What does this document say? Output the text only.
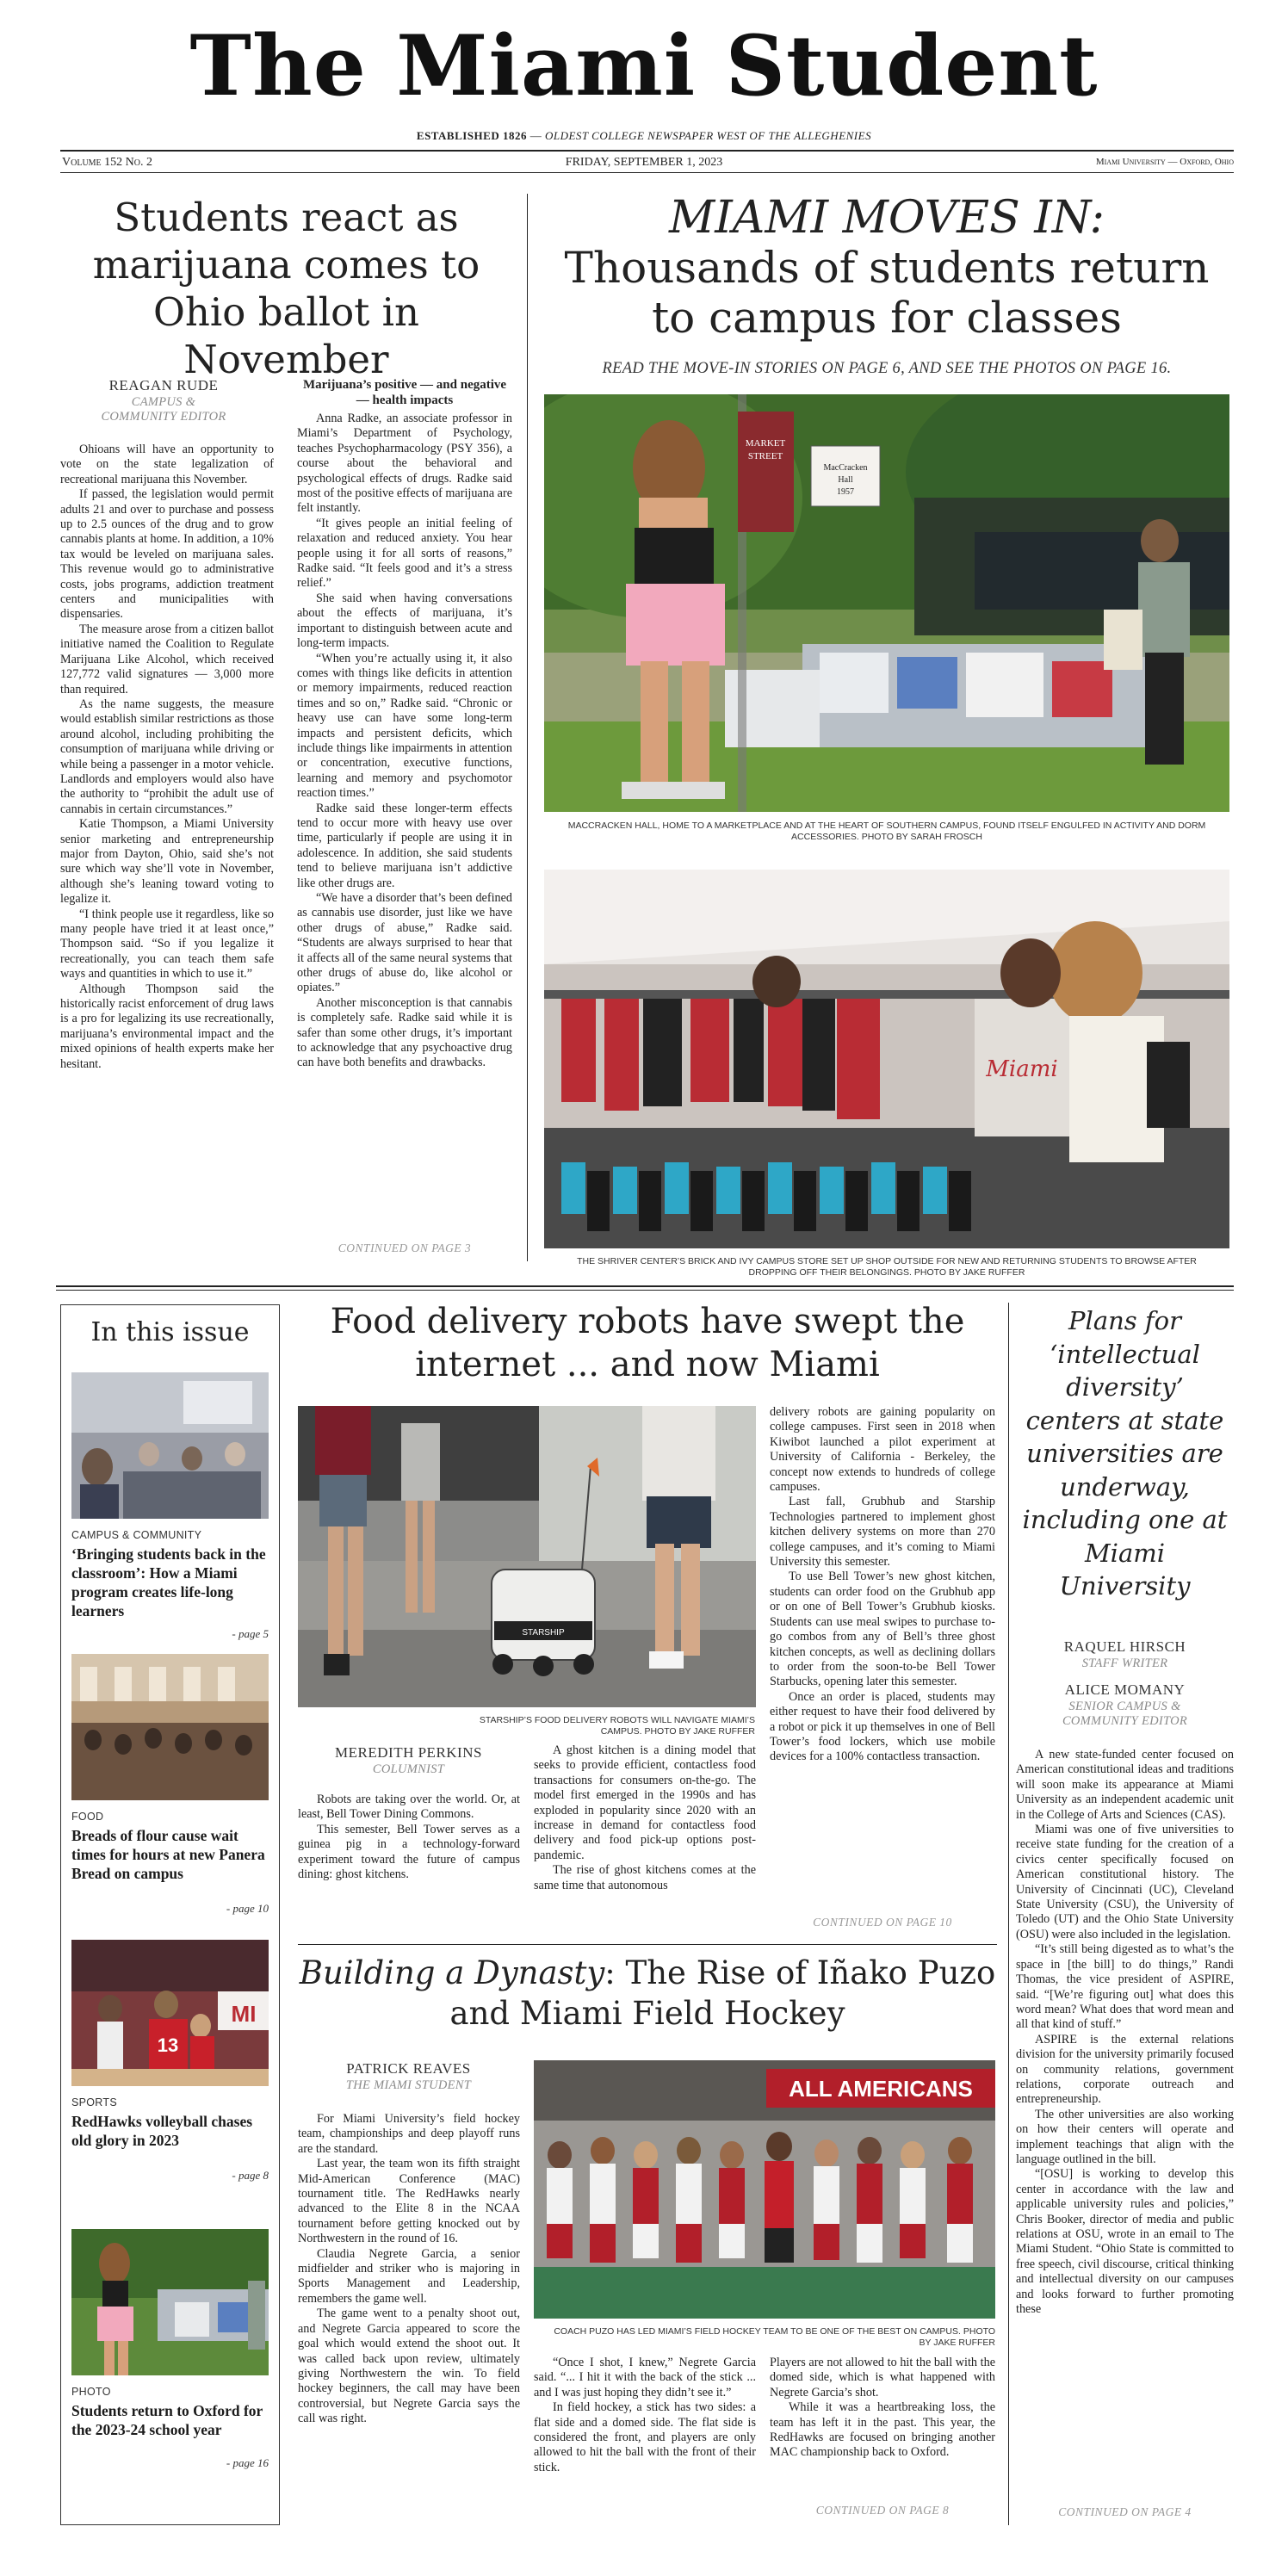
The Miami Student
ESTABLISHED 1826 — OLDEST COLLEGE NEWSPAPER WEST OF THE ALLEGHENIES
Volume 152 No. 2	FRIDAY, SEPTEMBER 1, 2023	Miami University — Oxford, Ohio
Students react as marijuana comes to Ohio ballot in November
REAGAN RUDE
CAMPUS & COMMUNITY EDITOR

Ohioans will have an opportunity to vote on the state legalization of recreational marijuana this November.

If passed, the legislation would permit adults 21 and over to purchase and possess up to 2.5 ounces of the drug and to grow cannabis plants at home. In addition, a 10% tax would be leveled on marijuana sales. This revenue would go to administrative costs, jobs programs, addiction treatment centers and municipalities with dispensaries.

The measure arose from a citizen ballot initiative named the Coalition to Regulate Marijuana Like Alcohol, which received 127,772 valid signatures — 3,000 more than required.

As the name suggests, the measure would establish similar restrictions as those around alcohol, including prohibiting the consumption of marijuana while driving or while being a passenger in a motor vehicle. Landlords and employers would also have the authority to “prohibit the adult use of cannabis in certain circumstances.”

Katie Thompson, a Miami University senior marketing and entrepreneurship major from Dayton, Ohio, said she’s not sure which way she’ll vote in November, although she’s leaning toward voting to legalize it.

“I think people use it regardless, like so many people have tried it at least once,” Thompson said. “So if you legalize it recreationally, you can teach them safe ways and quantities in which to use it.”

Although Thompson said the historically racist enforcement of drug laws is a pro for legalizing its use recreationally, marijuana’s environmental impact and the mixed opinions of health experts make her hesitant.

Marijuana’s positive — and negative — health impacts

Anna Radke, an associate professor in Miami’s Department of Psychology, teaches Psychopharmacology (PSY 356), a course about the behavioral and psychological effects of drugs. Radke said most of the positive effects of marijuana are felt instantly.

“It gives people an initial feeling of relaxation and reduced anxiety. You hear people using it for all sorts of reasons,” Radke said. “It feels good and it’s a stress relief.”

She said when having conversations about the effects of marijuana, it’s important to distinguish between acute and long-term impacts.

“When you’re actually using it, it also comes with things like deficits in attention or memory impairments, reduced reaction times and so on,” Radke said. “Chronic or heavy use can have some long-term impacts and persistent deficits, which include things like impairments in attention or concentration, executive functions, learning and memory and psychomotor reaction times.”

Radke said these longer-term effects tend to occur more with heavy use over time, particularly if people are using it in adolescence. In addition, she said students tend to believe marijuana isn’t addictive like other drugs are.

“We have a disorder that’s been defined as cannabis use disorder, just like we have other drugs of abuse,” Radke said. “Students are always surprised to hear that it affects all of the same neural systems that other drugs of abuse do, like alcohol or opiates.”

Another misconception is that cannabis is completely safe. Radke said while it is safer than some other drugs, it’s important to acknowledge that any psychoactive drug can have both benefits and drawbacks.

CONTINUED ON PAGE 3
MIAMI MOVES IN:
Thousands of students return to campus for classes
READ THE MOVE-IN STORIES ON PAGE 6, AND SEE THE PHOTOS ON PAGE 16.
MARKET
STREET
MacCracken
Hall
1957
MACCRACKEN HALL, HOME TO A MARKETPLACE AND AT THE HEART OF SOUTHERN CAMPUS, FOUND ITSELF ENGULFED IN ACTIVITY AND DORM ACCESSORIES. PHOTO BY SARAH FROSCH
Miami
THE SHRIVER CENTER’S BRICK AND IVY CAMPUS STORE SET UP SHOP OUTSIDE FOR NEW AND RETURNING STUDENTS TO BROWSE AFTER DROPPING OFF THEIR BELONGINGS. PHOTO BY JAKE RUFFER
In this issue
CAMPUS & COMMUNITY
‘Bringing students back in the classroom’: How a Miami program creates life-long learners
- page 5
FOOD
Breads of flour cause wait times for hours at new Panera Bread on campus
- page 10
MI
13
SPORTS
RedHawks volleyball chases old glory in 2023
- page 8
PHOTO
Students return to Oxford for the 2023-24 school year
- page 16
Food delivery robots have swept the internet ... and now Miami
STARSHIP
STARSHIP’S FOOD DELIVERY ROBOTS WILL NAVIGATE MIAMI’S CAMPUS. PHOTO BY JAKE RUFFER
MEREDITH PERKINS
COLUMNIST

Robots are taking over the world. Or, at least, Bell Tower Dining Commons.

This semester, Bell Tower serves as a guinea pig in a technology-forward experiment toward the future of campus dining: ghost kitchens.

A ghost kitchen is a dining model that seeks to provide efficient, contactless food transactions for consumers on-the-go. The model first emerged in the 1990s and has exploded in popularity since 2020 with an increase in demand for contactless food delivery and food pick-up options post-pandemic.

The rise of ghost kitchens comes at the same time that autonomous

delivery robots are gaining popularity on college campuses. First seen in 2018 when Kiwibot launched a pilot experiment at University of California - Berkeley, the concept now extends to hundreds of college campuses.

Last fall, Grubhub and Starship Technologies partnered to implement ghost kitchen delivery systems on more than 270 college campuses, and it’s coming to Miami University this semester.

To use Bell Tower’s new ghost kitchen, students can order food on the Grubhub app or on one of Bell Tower’s Grubhub kiosks. Students can use meal swipes to purchase to-go combos from any of Bell’s three ghost kitchen concepts, as well as declining dollars to order from the soon-to-be Bell Tower Starbucks, opening later this semester.

Once an order is placed, students may either request to have their food delivered by a robot or pick it up themselves in one of Bell Tower’s food lockers, which use mobile devices for a 100% contactless transaction.

CONTINUED ON PAGE 10
Building a Dynasty: The Rise of Iñako Puzo and Miami Field Hockey
PATRICK REAVES
THE MIAMI STUDENT

For Miami University’s field hockey team, championships and deep playoff runs are the standard.

Last year, the team won its fifth straight Mid-American Conference (MAC) tournament title. The RedHawks nearly advanced to the Elite 8 in the NCAA tournament before getting knocked out by Northwestern in the round of 16.

Claudia Negrete Garcia, a senior midfielder and striker who is majoring in Sports Management and Leadership, remembers the game well.

The game went to a penalty shoot out, and Negrete Garcia appeared to score the goal which would extend the shoot out. It was called back upon review, ultimately giving Northwestern the win. To field hockey beginners, the call may have been controversial, but Negrete Garcia says the call was right.

ALL AMERICANS
COACH PUZO HAS LED MIAMI’S FIELD HOCKEY TEAM TO BE ONE OF THE BEST ON CAMPUS. PHOTO BY JAKE RUFFER

“Once I shot, I knew,” Negrete Garcia said. “... I hit it with the back of the stick ... and I was just hoping they didn’t see it.”

In field hockey, a stick has two sides: a flat side and a domed side. The flat side is considered the front, and players are only allowed to hit the ball with the front of their stick.

Players are not allowed to hit the ball with the domed side, which is what happened with Negrete Garcia’s shot.

While it was a heartbreaking loss, the team has left it in the past. This year, the RedHawks are focused on bringing another MAC championship back to Oxford.

CONTINUED ON PAGE 8
Plans for ‘intellectual diversity’ centers at state universities are underway, including one at Miami University
RAQUEL HIRSCH
STAFF WRITER
ALICE MOMANY
SENIOR CAMPUS & COMMUNITY EDITOR

A new state-funded center focused on American constitutional ideas and traditions will soon make its appearance at Miami University as an independent academic unit in the College of Arts and Sciences (CAS).

Miami was one of five universities to receive state funding for the creation of a civics center specifically focused on American constitutional history. The University of Cincinnati (UC), Cleveland State University (CSU), the University of Toledo (UT) and the Ohio State University (OSU) were also included in the legislation.

“It’s still being digested as to what’s the space in [the bill] to do things,” Randi Thomas, the vice president of ASPIRE, said. “[We’re figuring out] what does this word mean? What does that word mean and all that kind of stuff.”

ASPIRE is the external relations division for the university primarily focused on community relations, government relations, corporate outreach and entrepreneurship.

The other universities are also working on how their centers will operate and implement teachings that align with the language outlined in the bill.

“[OSU] is working to develop this center in accordance with the law and applicable university rules and policies,” Chris Booker, director of media and public relations at OSU, wrote in an email to The Miami Student. “Ohio State is committed to free speech, civil discourse, critical thinking and intellectual diversity on our campuses and looks forward to further promoting these

CONTINUED ON PAGE 4
